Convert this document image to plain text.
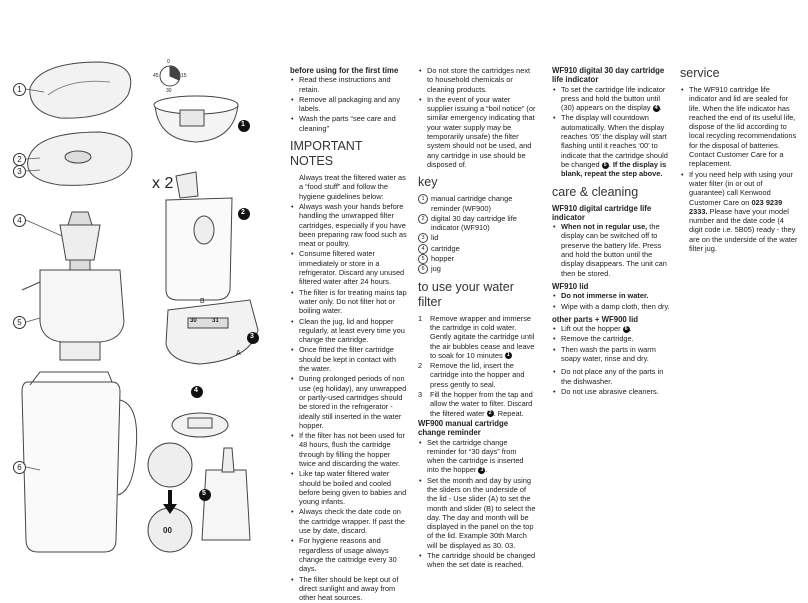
1
2
3
4
5
6
1
2
3
4
5
x 2
0
15
30
45
B
A
30	31
00

before using for the first time

• Read these instructions and retain.
• Remove all packaging and any labels.
• Wash the parts “see care and cleaning”
IMPORTANT NOTES

Always treat the filtered water as a “food stuff” and follow the hygiene guidelines below:

• Always wash your hands before handling the unwrapped filter cartridges, especially if you have been preparing raw food such as meat or poultry.
• Consume filtered water immediately or store in a refrigerator. Discard any unused filtered water after 24 hours.
• The filter is for treating mains tap water only. Do not filter hot or boiling water.
• Clean the jug, lid and hopper regularly, at least every time you change the cartridge.
• Once fitted the filter cartridge should be kept in contact with the water.
• During prolonged periods of non use (eg holiday), any unwrapped or partly-used cartridges should be stored in the refrigerator - ideally still inserted in the water hopper.
• If the filter has not been used for 48 hours, flush the cartridge through by filling the hopper twice and discarding the water.
• Like tap water filtered water should be boiled and cooled before being given to babies and young infants.
• Always check the date code on the cartridge wrapper. If past the use by date, discard.
• For hygiene reasons and regardless of usage always change the cartridge every 30 days.
• The filter should be kept out of direct sunlight and away from other heat sources.
• Do not store the cartridges next to household chemicals or cleaning products.
• In the event of your water supplier issuing a “boil notice” (or similar emergency indicating that your water supply may be temporarily unsafe) the filter system should not be used, and any cartridge in use should be disposed of.
key
1 manual cartridge change reminder (WF900)
2 digital 30 day cartridge life indicator (WF910)
3 lid
4 cartridge
5 hopper
6 jug
to use your water filter
1 Remove wrapper and immerse the cartridge in cold water. Gently agitate the cartridge until the air bubbles cease and leave to soak for 10 minutes 1
2 Remove the lid, insert the cartridge into the hopper and press gently to seal.
3 Fill the hopper from the tap and allow the water to filter. Discard the filtered water 2 . Repeat.

WF900 manual cartridge change reminder

• Set the cartridge change reminder for “30 days” from when the cartridge is inserted into the hopper 3 .
• Set the month and day by using the sliders on the underside of the lid - Use slider (A) to set the month and slider (B) to select the day. The day and month will be displayed in the panel on the top of the lid. Example 30th March will be displayed as 30. 03.
• The cartridge should be changed when the set date is reached.

WF910 digital 30 day cartridge life indicator

• To set the cartridge life indicator press and hold the button until (30) appears on the display 4 .
• The display will countdown automatically. When the display reaches ‘05’ the display will start flashing until it reaches ‘00’ to indicate that the cartridge should be changed 5 . If the display is blank, repeat the step above.
care & cleaning

WF910 digital cartridge life indicator

• When not in regular use, the display can be switched off to preserve the battery life. Press and hold the button until the display disappears. The unit can then be stored.

WF910 lid

• Do not immerse in water.
• Wipe with a damp cloth, then dry.

other parts + WF900 lid

• Lift out the hopper 6 .
• Remove the cartridge.
• Then wash the parts in warm soapy water, rinse and dry.
• Do not place any of the parts in the dishwasher.
• Do not use abrasive cleaners.
service
• The WF910 cartridge life indicator and lid are sealed for life. When the life indicator has reached the end of its useful life, dispose of the lid according to local recycling recommendations for the disposal of batteries. Contact Customer Care for a replacement.
• If you need help with using your water filter (in or out of guarantee) call Kenwood Customer Care on 023 9239 2333. Please have your model number and the date code (4 digit code i.e. 5B05) ready - they are on the underside of the water filter jug.
